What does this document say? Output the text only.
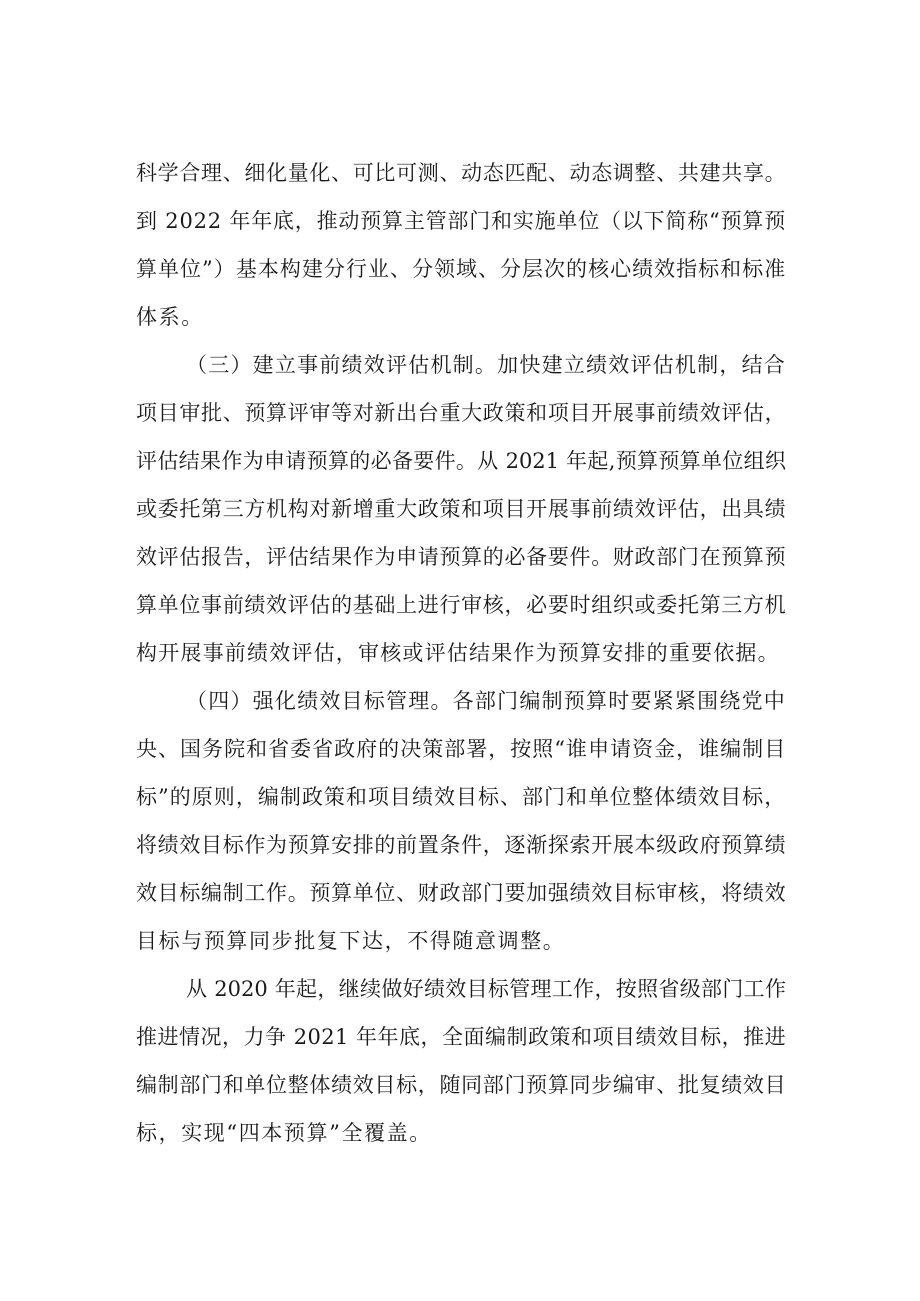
科学合理、细化量化、可比可测、动态匹配、动态调整、共建共享。
到 2022 年年底，推动预算主管部门和实施单位（以下简称“预算预
算单位”）基本构建分行业、分领域、分层次的核心绩效指标和标准
体系。
（三）建立事前绩效评估机制。加快建立绩效评估机制，结合
项目审批、预算评审等对新出台重大政策和项目开展事前绩效评估，
评估结果作为申请预算的必备要件。从 2021 年起,预算预算单位组织
或委托第三方机构对新增重大政策和项目开展事前绩效评估，出具绩
效评估报告，评估结果作为申请预算的必备要件。财政部门在预算预
算单位事前绩效评估的基础上进行审核，必要时组织或委托第三方机
构开展事前绩效评估，审核或评估结果作为预算安排的重要依据。
（四）强化绩效目标管理。各部门编制预算时要紧紧围绕党中
央、国务院和省委省政府的决策部署，按照“谁申请资金，谁编制目
标”的原则，编制政策和项目绩效目标、部门和单位整体绩效目标，
将绩效目标作为预算安排的前置条件，逐渐探索开展本级政府预算绩
效目标编制工作。预算单位、财政部门要加强绩效目标审核，将绩效
目标与预算同步批复下达，不得随意调整。
从 2020 年起，继续做好绩效目标管理工作，按照省级部门工作
推进情况，力争 2021 年年底，全面编制政策和项目绩效目标，推进
编制部门和单位整体绩效目标，随同部门预算同步编审、批复绩效目
标，实现“四本预算”全覆盖。
